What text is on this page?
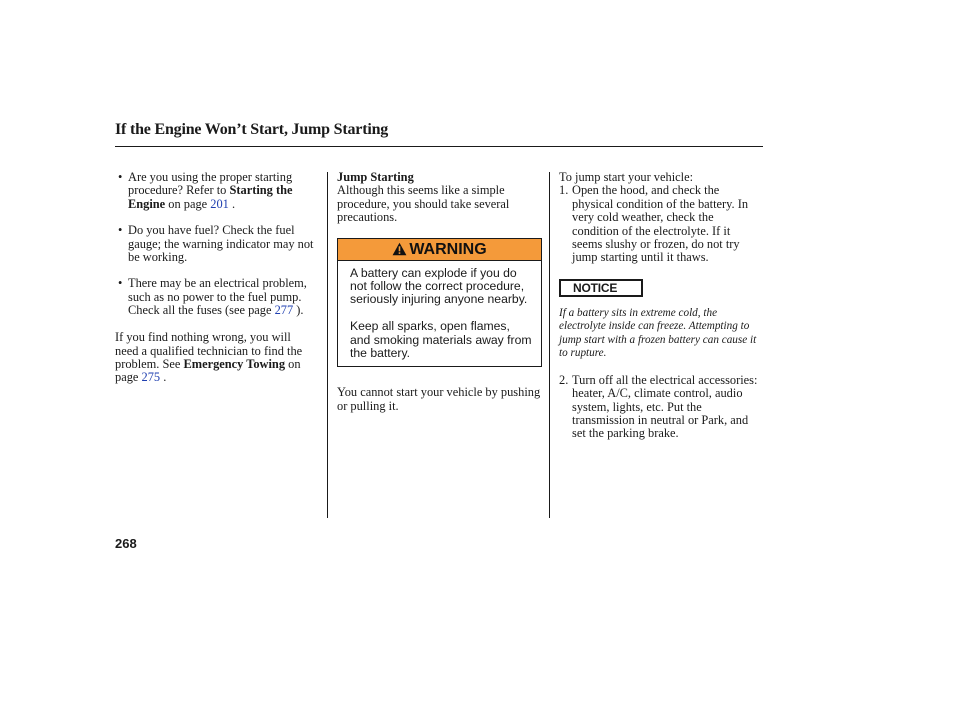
If the Engine Won’t Start, Jump Starting

• Are you using the proper starting procedure? Refer to Starting the Engine on page 201 .

• Do you have fuel? Check the fuel gauge; the warning indicator may not be working.

• There may be an electrical problem, such as no power to the fuel pump. Check all the fuses (see page 277 ).

If you find nothing wrong, you will need a qualified technician to find the problem. See Emergency Towing on page 275 .

Jump Starting

Although this seems like a simple procedure, you should take several precautions.

WARNING

A battery can explode if you do not follow the correct procedure, seriously injuring anyone nearby.

Keep all sparks, open flames, and smoking materials away from the battery.

You cannot start your vehicle by pushing or pulling it.

To jump start your vehicle:

1. Open the hood, and check the physical condition of the battery. In very cold weather, check the condition of the electrolyte. If it seems slushy or frozen, do not try jump starting until it thaws.

NOTICE

If a battery sits in extreme cold, the electrolyte inside can freeze. Attempting to jump start with a frozen battery can cause it to rupture.

2. Turn off all the electrical accessories: heater, A/C, climate control, audio system, lights, etc. Put the transmission in neutral or Park, and set the parking brake.

268
